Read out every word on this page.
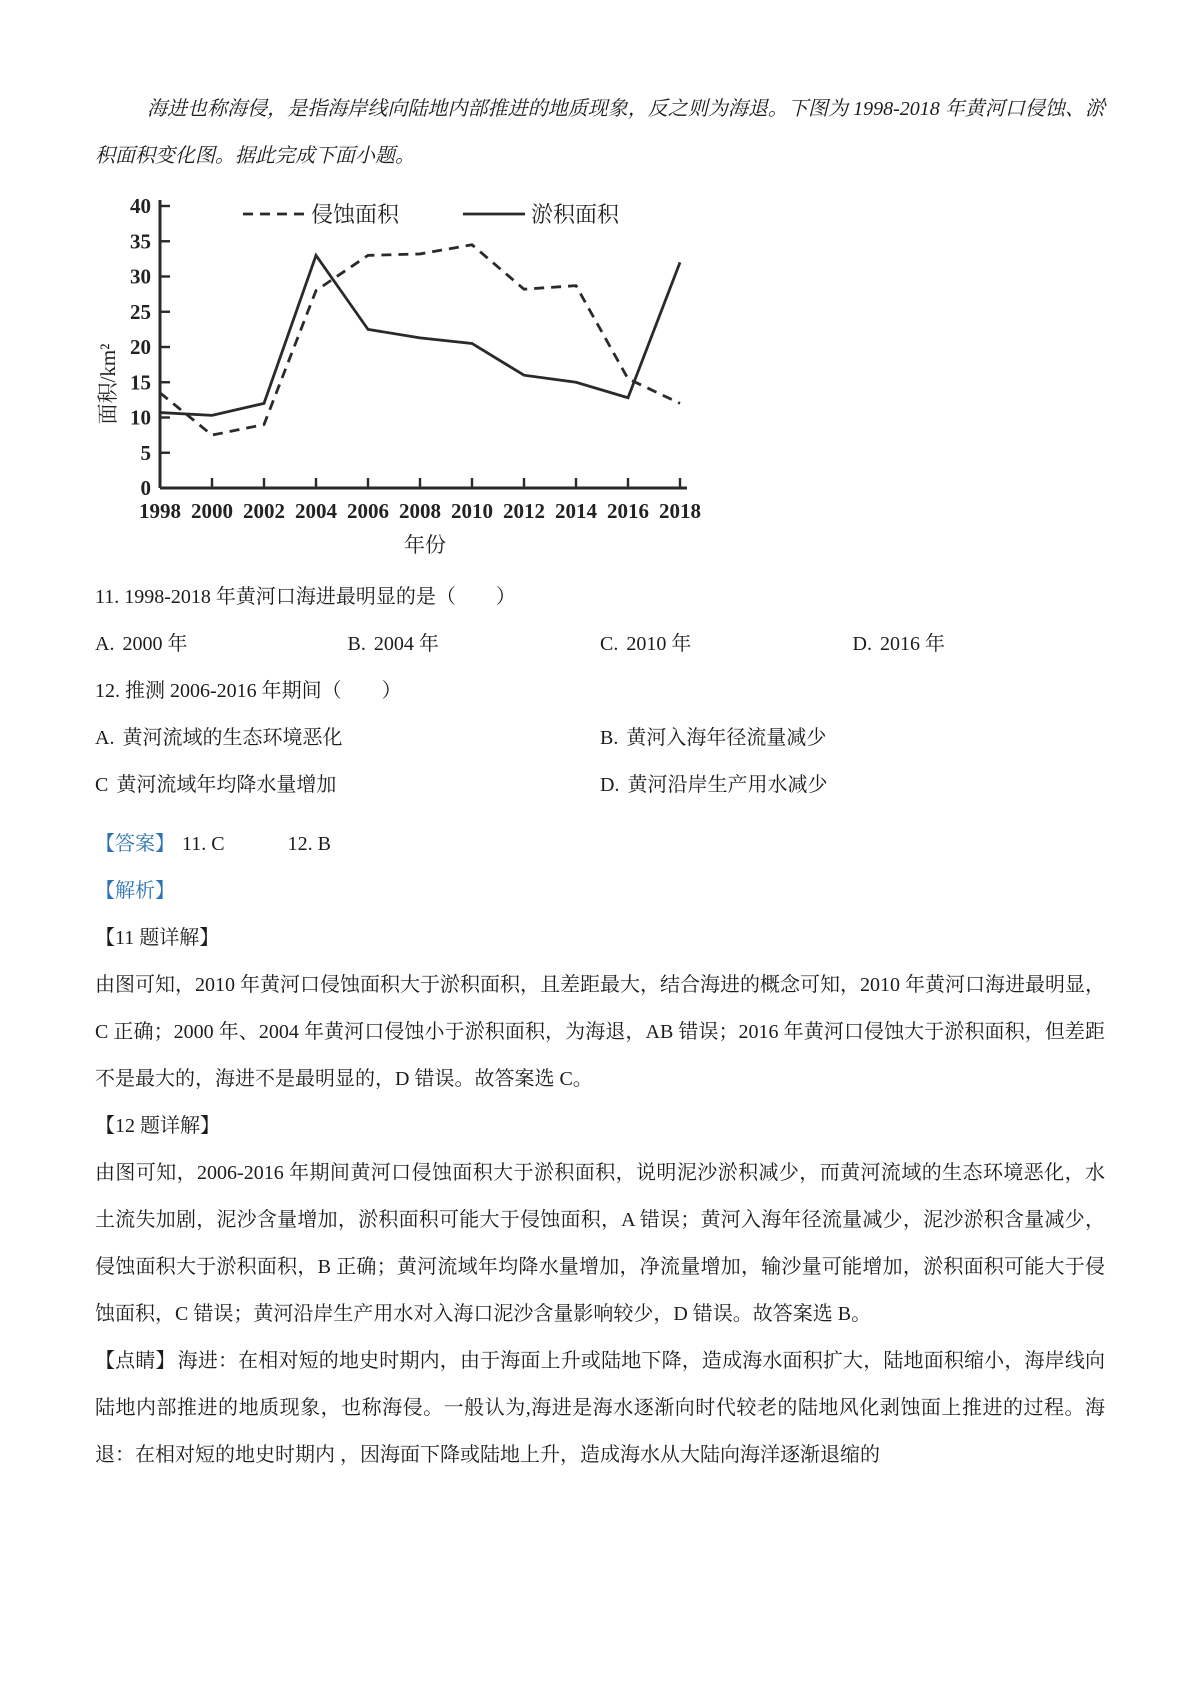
海进也称海侵，是指海岸线向陆地内部推进的地质现象，反之则为海退。下图为 1998-2018 年黄河口侵蚀、淤积面积变化图。据此完成下面小题。

0
5
10
15
20
25
30
35
40
1998 2000 2002 2004 2006 2008 2010 2012 2014 2016 2018
面积/km²
年份
侵蚀面积	淤积面积
11. 1998-2018 年黄河口海进最明显的是（　　）
A. 2000 年	B. 2004 年	C. 2010 年	D. 2016 年
12. 推测 2006-2016 年期间（　　）
A. 黄河流域的生态环境恶化	B. 黄河入海年径流量减少
C 黄河流域年均降水量增加	D. 黄河沿岸生产用水减少
【答案】 11. C	12. B
【解析】
【11 题详解】

由图可知，2010 年黄河口侵蚀面积大于淤积面积，且差距最大，结合海进的概念可知，2010 年黄河口海进最明显，C 正确；2000 年、2004 年黄河口侵蚀小于淤积面积，为海退，AB 错误；2016 年黄河口侵蚀大于淤积面积，但差距不是最大的，海进不是最明显的，D 错误。故答案选 C。

【12 题详解】

由图可知，2006-2016 年期间黄河口侵蚀面积大于淤积面积，说明泥沙淤积减少，而黄河流域的生态环境恶化，水土流失加剧，泥沙含量增加，淤积面积可能大于侵蚀面积，A 错误；黄河入海年径流量减少，泥沙淤积含量减少，侵蚀面积大于淤积面积，B 正确；黄河流域年均降水量增加，净流量增加，输沙量可能增加，淤积面积可能大于侵蚀面积，C 错误；黄河沿岸生产用水对入海口泥沙含量影响较少，D 错误。故答案选 B。

【点睛】 海进：在相对短的地史时期内，由于海面上升或陆地下降，造成海水面积扩大，陆地面积缩小，海岸线向陆地内部推进的地质现象，也称海侵。一般认为,海进是海水逐渐向时代较老的陆地风化剥蚀面上推进的过程。海退：在相对短的地史时期内 ，因海面下降或陆地上升，造成海水从大陆向海洋逐渐退缩的
